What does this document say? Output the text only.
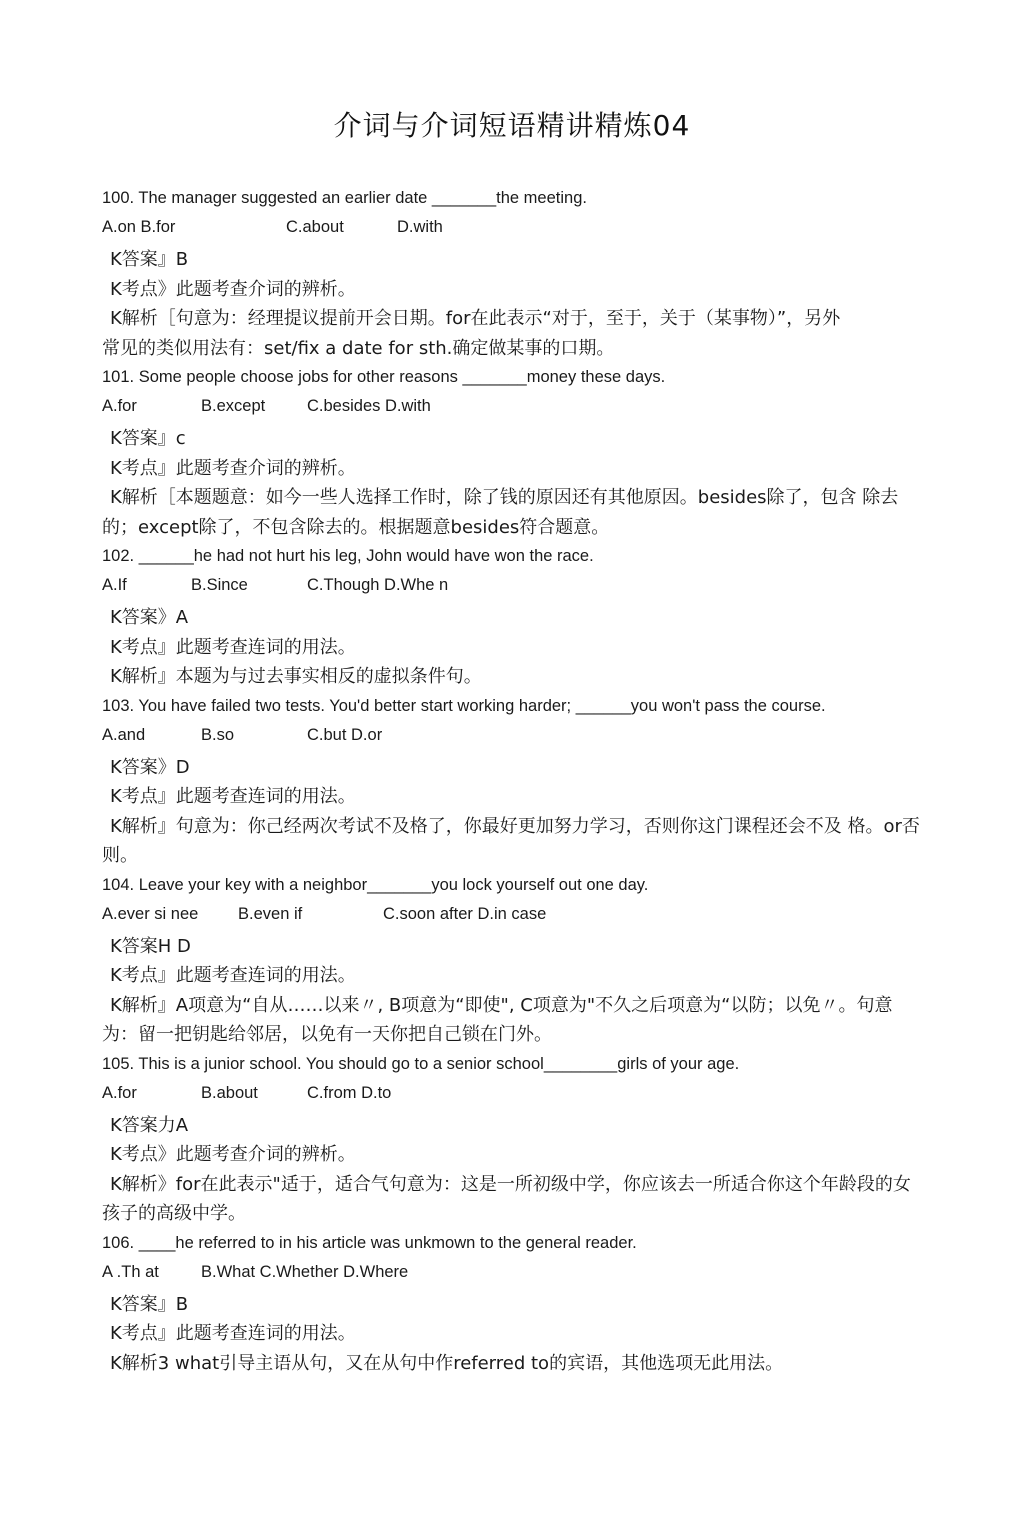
介词与介词短语精讲精炼04
100. The manager suggested an earlier date _______the meeting.
A.on B.for	C.about	D.with
K答案』B
K考点》此题考查介词的辨析。
K解析［句意为：经理提议提前开会日期。for在此表示“对于，至于，关于（某事物）”，另外
常见的类似用法有：set/fix a date for sth.确定做某事的口期。
101. Some people choose jobs for other reasons _______money these days.
A.for	B.except	C.besides D.with
K答案』c
K考点』此题考查介词的辨析。
K解析［本题题意：如今一些人选择工作时，除了钱的原因还有其他原因。besides除了，包含 除去的；except除了，不包含除去的。根据题意besides符合题意。
102. ______he had not hurt his leg, John would have won the race.
A.If	B.Since	C.Though D.Whe n
K答案》A
K考点』此题考查连词的用法。
K解析』本题为与过去事实相反的虚拟条件句。
103. You have failed two tests. You'd better start working harder; ______you won't pass the course.
A.and	B.so	C.but D.or
K答案》D
K考点』此题考查连词的用法。
K解析』句意为：你己经两次考试不及格了，你最好更加努力学习，否则你这门课程还会不及 格。or否则。
104. Leave your key with a neighbor_______you lock yourself out one day.
A.ever si nee B.even if	C.soon after D.in case
K答案H D
K考点』此题考查连词的用法。
K解析』A项意为“自从……以来〃, B项意为“即使", C项意为"不久之后项意为“以防；以免〃。句意为：留一把钥匙给邻居，以免有一天你把自己锁在门外。
105. This is a junior school. You should go to a senior school________girls of your age.
A.for	B.about	C.from D.to
K答案力A
K考点》此题考查介词的辨析。
K解析》for在此表示"适于，适合气句意为：这是一所初级中学，你应该去一所适合你这个年龄段的女孩子的高级中学。
106. ____he referred to in his article was unkmown to the general reader.
A .Th at	B.What C.Whether D.Where
K答案』B
K考点』此题考查连词的用法。
K解析3 what引导主语从句，又在从句中作referred to的宾语，其他选项无此用法。
